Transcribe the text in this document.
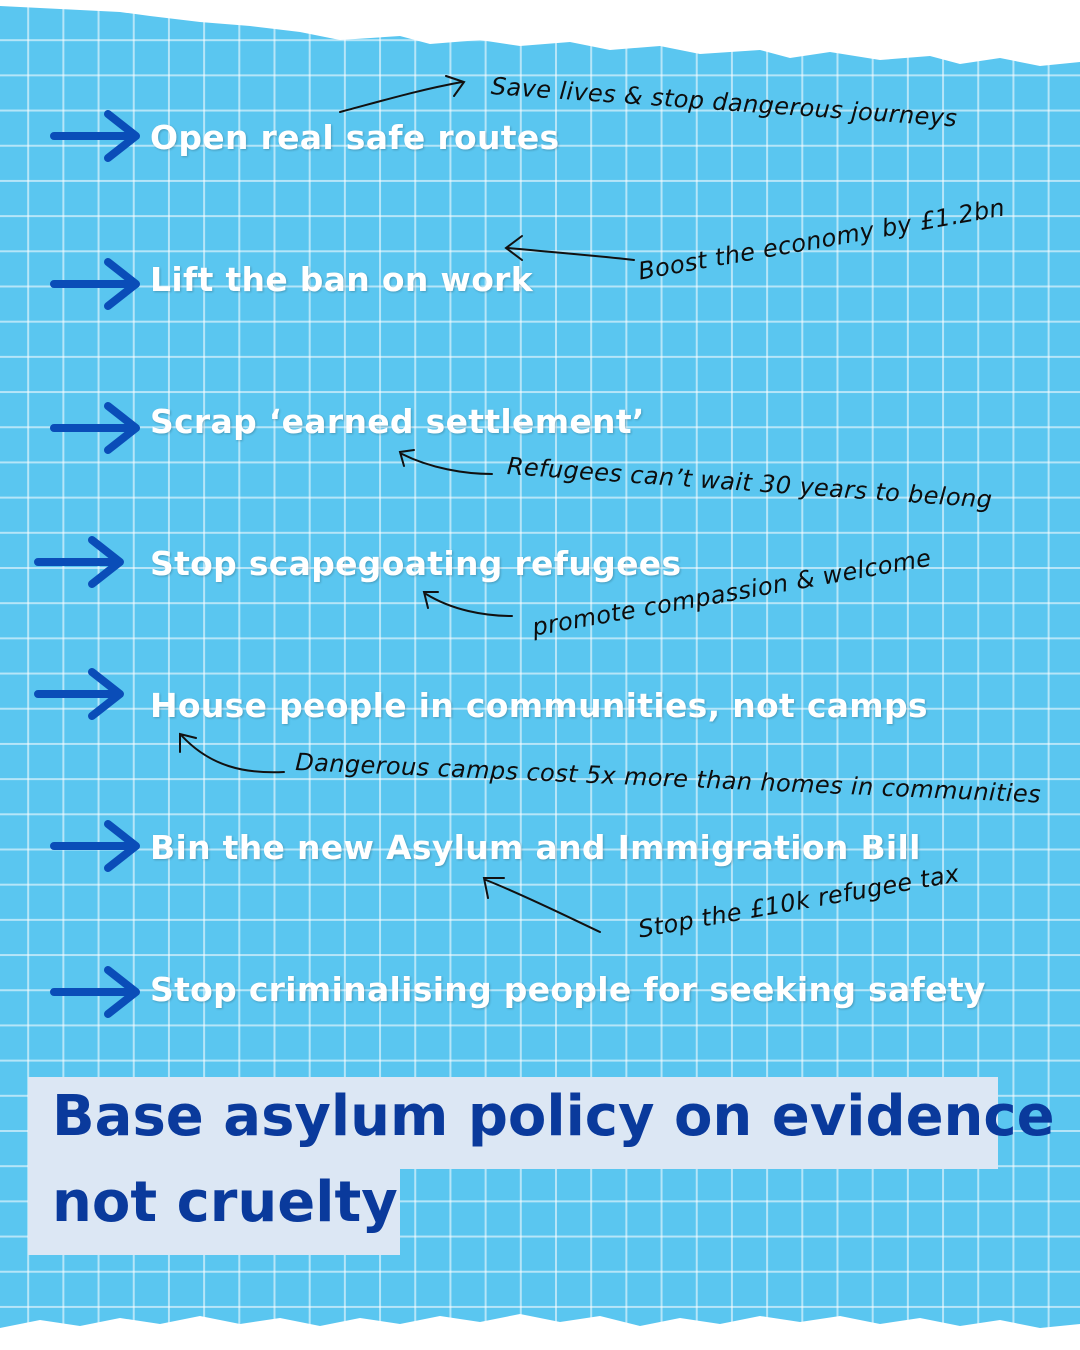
Open real safe routes
Save lives & stop dangerous journeys
Lift the ban on work	Boost the economy by £1.2bn
Scrap ‘earned settlement’
Refugees can’t wait 30 years to belong
Stop scapegoating refugees
promote compassion & welcome
House people in communities, not camps
Dangerous camps cost 5x more than homes in communities
Bin the new Asylum and Immigration Bill
Stop the £10k refugee tax
Stop criminalising people for seeking safety
Base asylum policy on evidence
not cruelty
